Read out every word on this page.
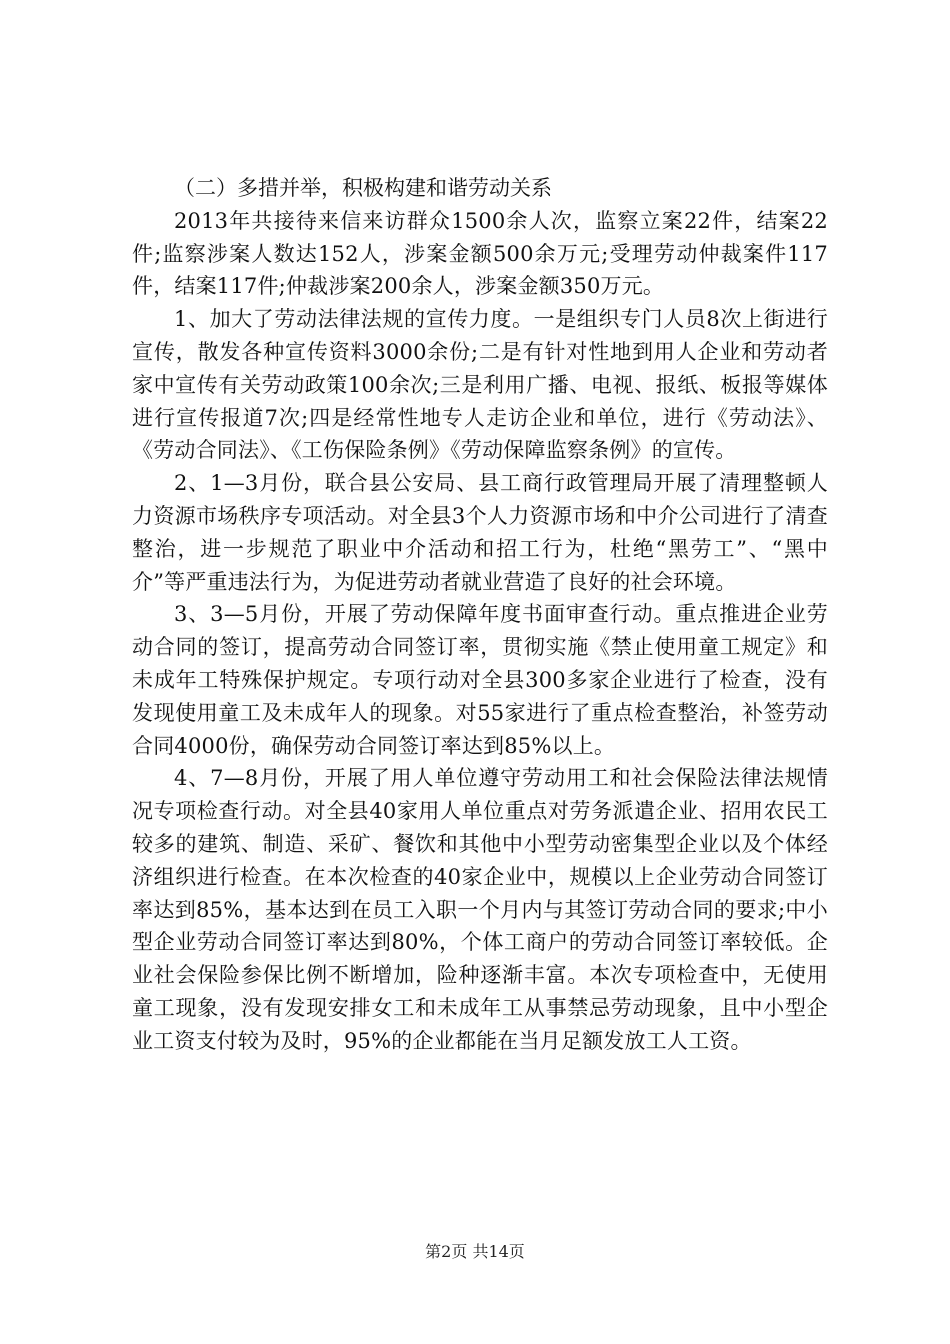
（二）多措并举，积极构建和谐劳动关系

2013年共接待来信来访群众1500余人次，监察立案22件，结案22件;监察涉案人数达152人，涉案金额500余万元;受理劳动仲裁案件117件，结案117件;仲裁涉案200余人，涉案金额350万元。

1、加大了劳动法律法规的宣传力度。一是组织专门人员8次上街进行宣传，散发各种宣传资料3000余份;二是有针对性地到用人企业和劳动者家中宣传有关劳动政策100余次;三是利用广播、电视、报纸、板报等媒体进行宣传报道7次;四是经常性地专人走访企业和单位，进行《劳动法》、《劳动合同法》、《工伤保险条例》《劳动保障监察条例》的宣传。

2、1—3月份，联合县公安局、县工商行政管理局开展了清理整顿人力资源市场秩序专项活动。对全县3个人力资源市场和中介公司进行了清查整治，进一步规范了职业中介活动和招工行为，杜绝“黑劳工”、“黑中介”等严重违法行为，为促进劳动者就业营造了良好的社会环境。

3、3—5月份，开展了劳动保障年度书面审查行动。重点推进企业劳动合同的签订，提高劳动合同签订率，贯彻实施《禁止使用童工规定》和未成年工特殊保护规定。专项行动对全县300多家企业进行了检查，没有发现使用童工及未成年人的现象。对55家进行了重点检查整治，补签劳动合同4000份，确保劳动合同签订率达到85%以上。

4、7—8月份，开展了用人单位遵守劳动用工和社会保险法律法规情况专项检查行动。对全县40家用人单位重点对劳务派遣企业、招用农民工较多的建筑、制造、采矿、餐饮和其他中小型劳动密集型企业以及个体经济组织进行检查。在本次检查的40家企业中，规模以上企业劳动合同签订率达到85%，基本达到在员工入职一个月内与其签订劳动合同的要求;中小型企业劳动合同签订率达到80%，个体工商户的劳动合同签订率较低。企业社会保险参保比例不断增加，险种逐渐丰富。本次专项检查中，无使用童工现象，没有发现安排女工和未成年工从事禁忌劳动现象，且中小型企业工资支付较为及时，95%的企业都能在当月足额发放工人工资。

第2页 共14页
